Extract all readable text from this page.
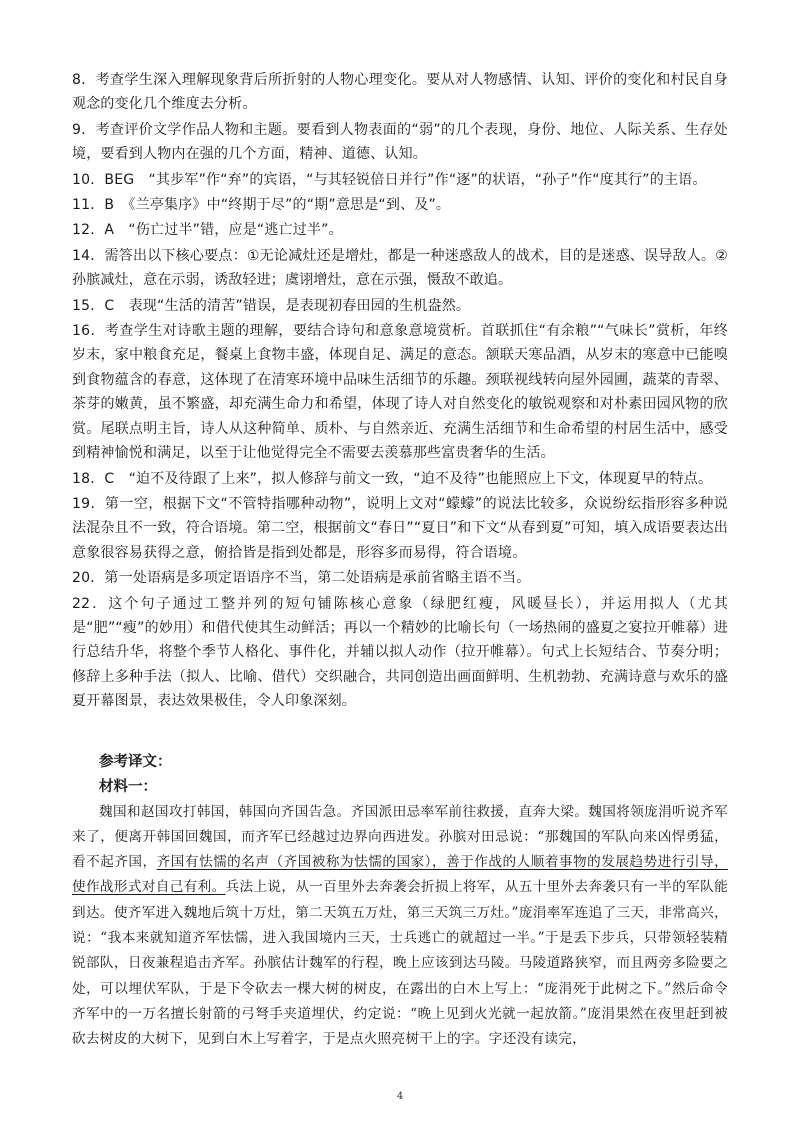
8．考查学生深入理解现象背后所折射的人物心理变化。要从对人物感情、认知、评价的变化和村民自身观念的变化几个维度去分析。

9．考查评价文学作品人物和主题。要看到人物表面的“弱”的几个表现，身份、地位、人际关系、生存处境，要看到人物内在强的几个方面，精神、道德、认知。

10．BEG　“其步军”作“弃”的宾语，“与其轻锐倍日并行”作“逐”的状语，“孙子”作“度其行”的主语。

11．B　《兰亭集序》中“终期于尽”的“期”意思是“到、及”。

12．A　“伤亡过半”错，应是“逃亡过半”。

14．需答出以下核心要点：①无论减灶还是增灶，都是一种迷惑敌人的战术，目的是迷惑、误导敌人。②孙膑减灶，意在示弱，诱敌轻进；虞诩增灶，意在示强，慑敌不敢追。

15．C　表现“生活的清苦”错误，是表现初春田园的生机盎然。

16．考查学生对诗歌主题的理解，要结合诗句和意象意境赏析。首联抓住“有余粮”“气味长”赏析，年终岁末，家中粮食充足，餐桌上食物丰盛，体现自足、满足的意态。颔联天寒品酒，从岁末的寒意中已能嗅到食物蕴含的春意，这体现了在清寒环境中品味生活细节的乐趣。颈联视线转向屋外园圃，蔬菜的青翠、茶芽的嫩黄，虽不繁盛，却充满生命力和希望，体现了诗人对自然变化的敏锐观察和对朴素田园风物的欣赏。尾联点明主旨，诗人从这种简单、质朴、与自然亲近、充满生活细节和生命希望的村居生活中，感受到精神愉悦和满足，以至于让他觉得完全不需要去羡慕那些富贵奢华的生活。

18．C　“迫不及待跟了上来”，拟人修辞与前文一致，“迫不及待”也能照应上下文，体现夏早的特点。

19．第一空，根据下文“不管特指哪种动物”，说明上文对“蠓蠓”的说法比较多，众说纷纭指形容多种说法混杂且不一致，符合语境。第二空，根据前文“春日”“夏日”和下文“从春到夏”可知，填入成语要表达出意象很容易获得之意，俯拾皆是指到处都是，形容多而易得，符合语境。

20．第一处语病是多项定语语序不当，第二处语病是承前省略主语不当。

22．这个句子通过工整并列的短句铺陈核心意象（绿肥红瘦，风暖昼长），并运用拟人（尤其是“肥”“瘦”的妙用）和借代使其生动鲜活；再以一个精妙的比喻长句（一场热闹的盛夏之宴拉开帷幕）进行总结升华，将整个季节人格化、事件化，并辅以拟人动作（拉开帷幕）。句式上长短结合、节奏分明；修辞上多种手法（拟人、比喻、借代）交织融合，共同创造出画面鲜明、生机勃勃、充满诗意与欢乐的盛夏开幕图景，表达效果极佳，令人印象深刻。

参考译文：
材料一：

魏国和赵国攻打韩国，韩国向齐国告急。齐国派田忌率军前往救援，直奔大梁。魏国将领庞涓听说齐军来了，便离开韩国回魏国，而齐军已经越过边界向西进发。孙膑对田忌说：“那魏国的军队向来凶悍勇猛，看不起齐国，齐国有怯懦的名声（齐国被称为怯懦的国家），善于作战的人顺着事物的发展趋势进行引导，使作战形式对自己有利。兵法上说，从一百里外去奔袭会折损上将军，从五十里外去奔袭只有一半的军队能到达。使齐军进入魏地后筑十万灶，第二天筑五万灶，第三天筑三万灶。”庞涓率军连追了三天，非常高兴，说：“我本来就知道齐军怯懦，进入我国境内三天，士兵逃亡的就超过一半。”于是丢下步兵，只带领轻装精锐部队，日夜兼程追击齐军。孙膑估计魏军的行程，晚上应该到达马陵。马陵道路狭窄，而且两旁多险要之处，可以埋伏军队，于是下令砍去一棵大树的树皮，在露出的白木上写上：“庞涓死于此树之下。”然后命令齐军中的一万名擅长射箭的弓弩手夹道埋伏，约定说：“晚上见到火光就一起放箭。”庞涓果然在夜里赶到被砍去树皮的大树下，见到白木上写着字，于是点火照亮树干上的字。字还没有读完，

4
